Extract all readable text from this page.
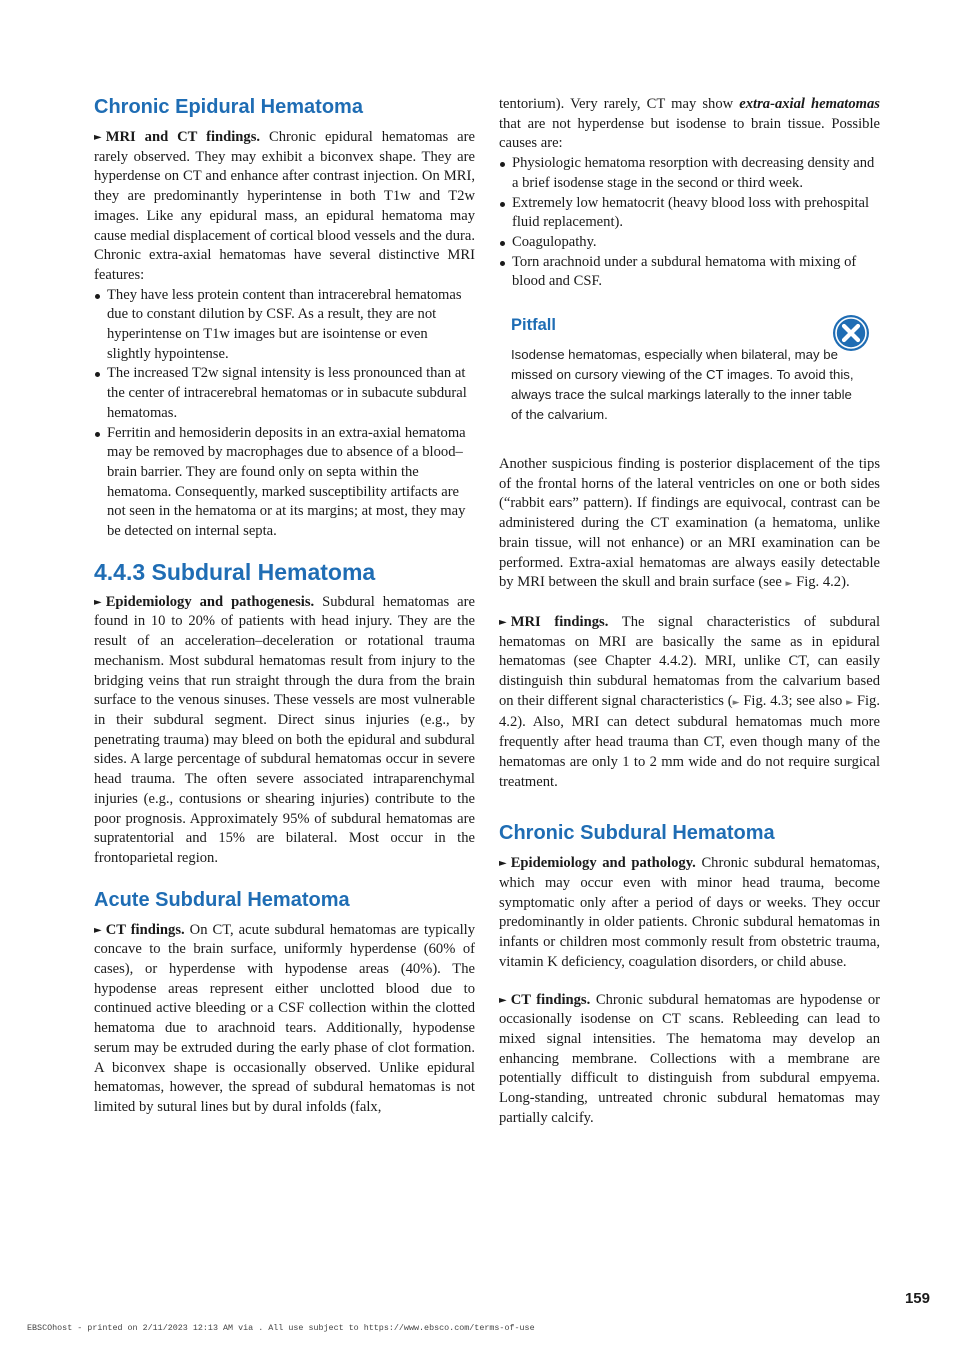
Chronic Epidural Hematoma

► MRI and CT findings. Chronic epidural hematomas are rarely observed. They may exhibit a biconvex shape. They are hyperdense on CT and enhance after contrast injection. On MRI, they are predominantly hyperintense in both T1w and T2w images. Like any epidural mass, an epidural hematoma may cause medial displacement of cortical blood vessels and the dura. Chronic extra-axial hematomas have several distinctive MRI features:

They have less protein content than intracerebral hematomas due to constant dilution by CSF. As a result, they are not hyperintense on T1w images but are isointense or even slightly hypointense.
The increased T2w signal intensity is less pronounced than at the center of intracerebral hematomas or in subacute subdural hematomas.
Ferritin and hemosiderin deposits in an extra-axial hematoma may be removed by macrophages due to absence of a blood–brain barrier. They are found only on septa within the hematoma. Consequently, marked susceptibility artifacts are not seen in the hematoma or at its margins; at most, they may be detected on internal septa.
4.4.3 Subdural Hematoma

► Epidemiology and pathogenesis. Subdural hematomas are found in 10 to 20% of patients with head injury. They are the result of an acceleration–deceleration or rotational trauma mechanism. Most subdural hematomas result from injury to the bridging veins that run straight through the dura from the brain surface to the venous sinuses. These vessels are most vulnerable in their subdural segment. Direct sinus injuries (e.g., by penetrating trauma) may bleed on both the epidural and subdural sides. A large percentage of subdural hematomas occur in severe head trauma. The often severe associated intraparenchymal injuries (e.g., contusions or shearing injuries) contribute to the poor prognosis. Approximately 95% of subdural hematomas are supratentorial and 15% are bilateral. Most occur in the frontoparietal region.

Acute Subdural Hematoma

► CT findings. On CT, acute subdural hematomas are typically concave to the brain surface, uniformly hyperdense (60% of cases), or hyperdense with hypodense areas (40%). The hypodense areas represent either unclotted blood due to continued active bleeding or a CSF collection within the clotted hematoma due to arachnoid tears. Additionally, hypodense serum may be extruded during the early phase of clot formation. A biconvex shape is occasionally observed. Unlike epidural hematomas, however, the spread of subdural hematomas is not limited by sutural lines but by dural infolds (falx,

tentorium). Very rarely, CT may show extra-axial hematomas that are not hyperdense but isodense to brain tissue. Possible causes are:

Physiologic hematoma resorption with decreasing density and a brief isodense stage in the second or third week.
Extremely low hematocrit (heavy blood loss with prehospital fluid replacement).
Coagulopathy.
Torn arachnoid under a subdural hematoma with mixing of blood and CSF.
Pitfall
Isodense hematomas, especially when bilateral, may be missed on cursory viewing of the CT images. To avoid this, always trace the sulcal markings laterally to the inner table of the calvarium.

Another suspicious finding is posterior displacement of the tips of the frontal horns of the lateral ventricles on one or both sides (“rabbit ears” pattern). If findings are equivocal, contrast can be administered during the CT examination (a hematoma, unlike brain tissue, will not enhance) or an MRI examination can be performed. Extra-axial hematomas are always easily detectable by MRI between the skull and brain surface (see ► Fig. 4.2).

► MRI findings. The signal characteristics of subdural hematomas on MRI are basically the same as in epidural hematomas (see Chapter 4.4.2). MRI, unlike CT, can easily distinguish thin subdural hematomas from the calvarium based on their different signal characteristics (► Fig. 4.3; see also ► Fig. 4.2). Also, MRI can detect subdural hematomas much more frequently after head trauma than CT, even though many of the hematomas are only 1 to 2 mm wide and do not require surgical treatment.

Chronic Subdural Hematoma

► Epidemiology and pathology. Chronic subdural hematomas, which may occur even with minor head trauma, become symptomatic only after a period of days or weeks. They occur predominantly in older patients. Chronic subdural hematomas in infants or children most commonly result from obstetric trauma, vitamin K deficiency, coagulation disorders, or child abuse.

► CT findings. Chronic subdural hematomas are hypodense or occasionally isodense on CT scans. Rebleeding can lead to mixed signal intensities. The hematoma may develop an enhancing membrane. Collections with a membrane are potentially difficult to distinguish from subdural empyema. Long-standing, untreated chronic subdural hematomas may partially calcify.

159
EBSCOhost - printed on 2/11/2023 12:13 AM via . All use subject to https://www.ebsco.com/terms-of-use
